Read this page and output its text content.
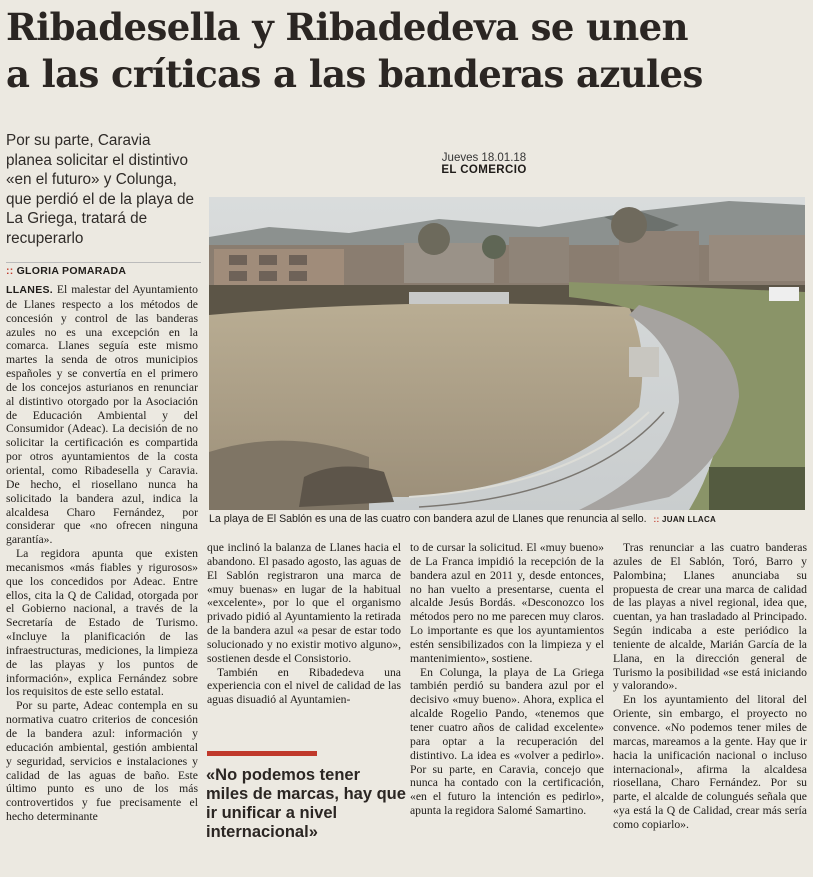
Ribadesella y Ribadedeva se unen
a las críticas a las banderas azules
Por su parte, Caravia planea solicitar el distintivo «en el futuro» y Colunga, que perdió el de la playa de La Griega, tratará de recuperarlo
Jueves 18.01.18
EL COMERCIO
La playa de El Sablón es una de las cuatro con bandera azul de Llanes que renuncia al sello. :: JUAN LLACA
:: GLORIA POMARADA

LLANES. El malestar del Ayuntamiento de Llanes respecto a los métodos de concesión y control de las banderas azules no es una excepción en la comarca. Llanes seguía este mismo martes la senda de otros municipios españoles y se convertía en el primero de los concejos asturianos en renunciar al distintivo otorgado por la Asociación de Educación Ambiental y del Consumidor (Adeac). La decisión de no solicitar la certificación es compartida por otros ayuntamientos de la costa oriental, como Ribadesella y Caravia. De hecho, el riosellano nunca ha solicitado la bandera azul, indica la alcaldesa Charo Fernández, por considerar que «no ofrecen ninguna garantía».

La regidora apunta que existen mecanismos «más fiables y rigurosos» que los concedidos por Adeac. Entre ellos, cita la Q de Calidad, otorgada por el Gobierno nacional, a través de la Secretaría de Estado de Turismo. «Incluye la planificación de las infraestructuras, mediciones, la limpieza de las playas y los puntos de información», explica Fernández sobre los requisitos de este sello estatal.

Por su parte, Adeac contempla en su normativa cuatro criterios de concesión de la bandera azul: información y educación ambiental, gestión ambiental y seguridad, servicios e instalaciones y calidad de las aguas de baño. Este último punto es uno de los más controvertidos y fue precisamente el hecho determinante

que inclinó la balanza de Llanes hacia el abandono. El pasado agosto, las aguas de El Sablón registraron una marca de «muy buenas» en lugar de la habitual «excelente», por lo que el organismo privado pidió al Ayuntamiento la retirada de la bandera azul «a pesar de estar todo solucionado y no existir motivo alguno», sostienen desde el Consistorio.

También en Ribadedeva una experiencia con el nivel de calidad de las aguas disuadió al Ayuntamien-

«No podemos tener miles de marcas, hay que ir unificar a nivel internacional»

to de cursar la solicitud. El «muy bueno» de La Franca impidió la recepción de la bandera azul en 2011 y, desde entonces, no han vuelto a presentarse, cuenta el alcalde Jesús Bordás. «Desconozco los métodos pero no me parecen muy claros. Lo importante es que los ayuntamientos estén sensibilizados con la limpieza y el mantenimiento», sostiene.

En Colunga, la playa de La Griega también perdió su bandera azul por el decisivo «muy bueno». Ahora, explica el alcalde Rogelio Pando, «tenemos que tener cuatro años de calidad excelente» para optar a la recuperación del distintivo. La idea es «volver a pedirlo». Por su parte, en Caravia, concejo que nunca ha contado con la certificación, «en el futuro la intención es pedirlo», apunta la regidora Salomé Samartino.

Tras renunciar a las cuatro banderas azules de El Sablón, Toró, Barro y Palombina; Llanes anunciaba su propuesta de crear una marca de calidad de las playas a nivel regional, idea que, cuentan, ya han trasladado al Principado. Según indicaba a este periódico la teniente de alcalde, Marián García de la Llana, en la dirección general de Turismo la posibilidad «se está iniciando y valorando».

En los ayuntamiento del litoral del Oriente, sin embargo, el proyecto no convence. «No podemos tener miles de marcas, mareamos a la gente. Hay que ir hacia la unificación nacional o incluso internacional», afirma la alcaldesa riosellana, Charo Fernández. Por su parte, el alcalde de colungués señala que «ya está la Q de Calidad, crear más sería como copiarlo».
